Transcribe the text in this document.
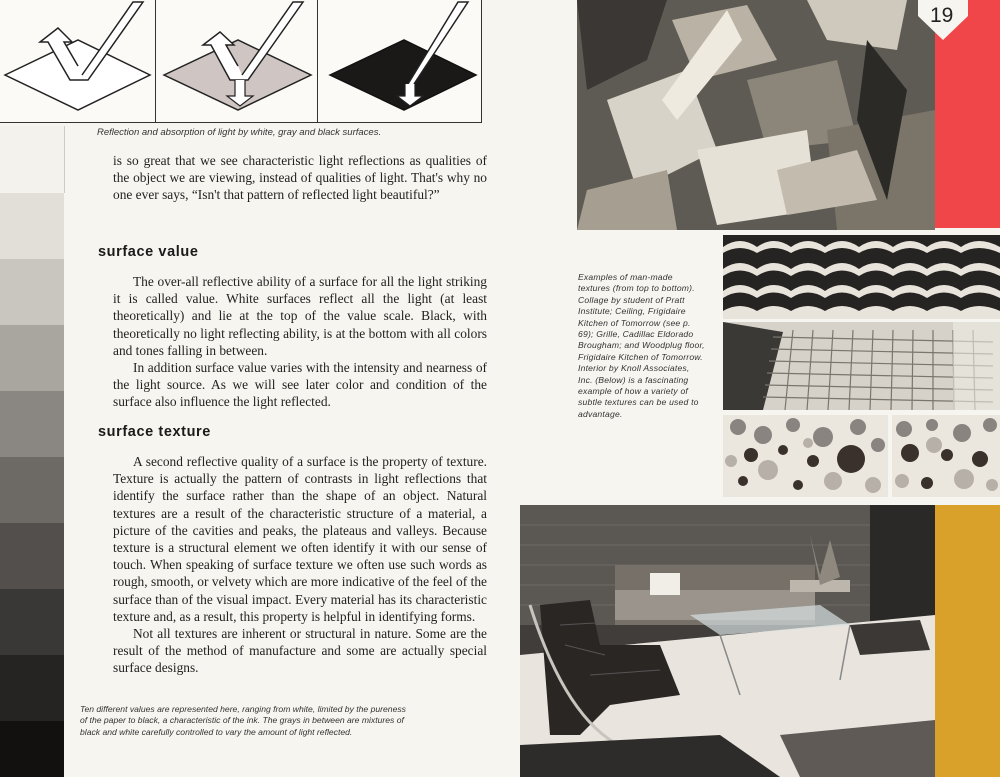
Reflection and absorption of light by white, gray and black surfaces.

is so great that we see characteristic light reflections as qualities of the object we are viewing, instead of qualities of light. That's why no one ever says, “Isn't that pattern of reflected light beautiful?”

surface value

The over-all reflective ability of a surface for all the light striking it is called value. White surfaces reflect all the light (at least theoretically) and lie at the top of the value scale. Black, with theoretically no light reflecting ability, is at the bottom with all colors and tones falling in between.

In addition surface value varies with the intensity and nearness of the light source. As we will see later color and condition of the surface also influence the light reflected.

surface texture

A second reflective quality of a surface is the property of texture. Texture is actually the pattern of contrasts in light reflections that identify the surface rather than the shape of an object. Natural textures are a result of the characteristic structure of a material, a picture of the cavities and peaks, the plateaus and valleys. Because texture is a structural element we often identify it with our sense of touch. When speaking of surface texture we often use such words as rough, smooth, or velvety which are more indicative of the feel of the surface than of the visual impact. Every material has its characteristic texture and, as a result, this property is helpful in identifying forms.

Not all textures are inherent or structural in nature. Some are the result of the method of manufacture and some are actually special surface designs.

Ten different values are represented here, ranging from white, limited by the pureness of the paper to black, a characteristic of the ink. The grays in between are mixtures of black and white carefully controlled to vary the amount of light reflected.
19
Examples of man-made textures (from top to bottom). Collage by student of Pratt Institute; Ceiling, Frigidaire Kitchen of Tomorrow (see p. 69); Grille, Cadillac Eldorado Brougham; and Woodplug floor, Frigidaire Kitchen of Tomorrow. Interior by Knoll Associates, Inc. (Below) is a fascinating example of how a variety of subtle textures can be used to advantage.
